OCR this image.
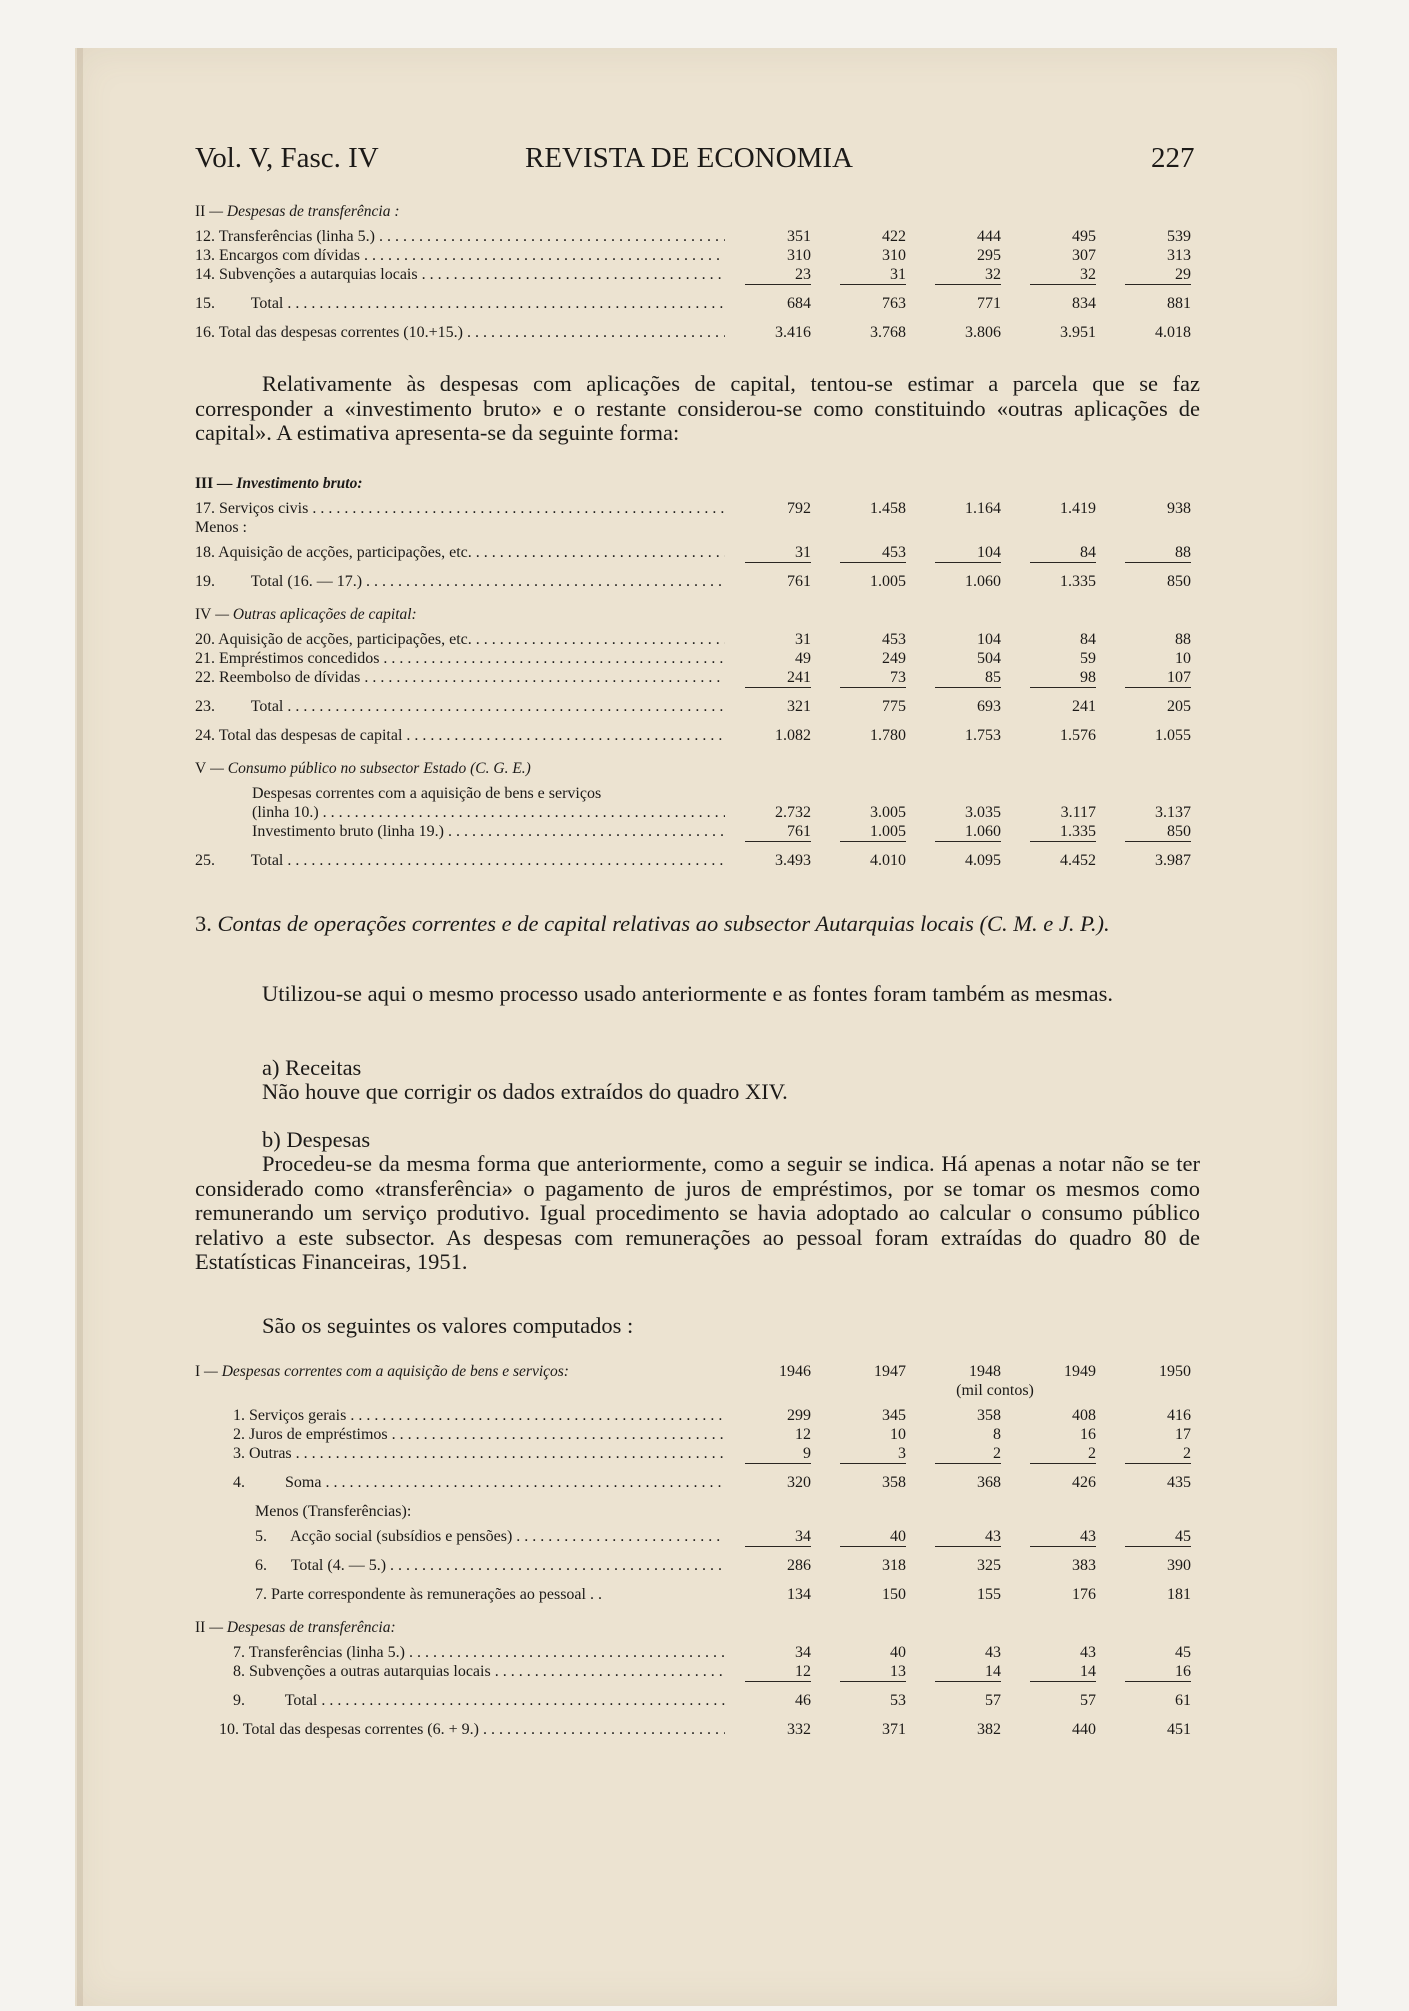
Vol. V, Fasc. IV	REVISTA DE ECONOMIA	227
II — Despesas de transferência :
12. Transferências (linha 5.) . . .	351	422	444	495	539
13. Encargos com dívidas . . .	310	310	295	307	313
14. Subvenções a autarquias locais . . .	23	31	32	32	29
15.         Total . . .	684	763	771	834	881
16. Total das despesas correntes (10.+15.) . . .	3.416	3.768	3.806	3.951	4.018
Relativamente às despesas com aplicações de capital, tentou-se estimar a parcela que se faz corresponder a «investimento bruto» e o restante considerou-se como constituindo «outras aplicações de capital». A estimativa apresenta-se da seguinte forma:
III — Investimento bruto:
17. Serviços civis . . .	792	1.458	1.164	1.419	938
Menos :
18. Aquisição de acções, participações, etc. . . .	31	453	104	84	88
19.         Total (16. — 17.) . . .	761	1.005	1.060	1.335	850
IV — Outras aplicações de capital:
20. Aquisição de acções, participações, etc. . . .	31	453	104	84	88
21. Empréstimos concedidos . . .	49	249	504	59	10
22. Reembolso de dívidas . . .	241	73	85	98	107
23.         Total . . .	321	775	693	241	205
24. Total das despesas de capital . . .	1.082	1.780	1.753	1.576	1.055
V — Consumo público no subsector Estado (C. G. E.)
Despesas correntes com a aquisição de bens e serviços
(linha 10.) . . .	2.732	3.005	3.035	3.117	3.137
Investimento bruto (linha 19.) . . .	761	1.005	1.060	1.335	850
25.         Total . . .	3.493	4.010	4.095	4.452	3.987
3. Contas de operações correntes e de capital relativas ao subsector Autarquias locais (C. M. e J. P.).
Utilizou-se aqui o mesmo processo usado anteriormente e as fontes foram também as mesmas.
a) Receitas
Não houve que corrigir os dados extraídos do quadro XIV.
b) Despesas
Procedeu-se da mesma forma que anteriormente, como a seguir se indica. Há apenas a notar não se ter considerado como «transferência» o pagamento de juros de empréstimos, por se tomar os mesmos como remunerando um serviço produtivo. Igual procedimento se havia adoptado ao calcular o consumo público relativo a este subsector. As despesas com remunerações ao pessoal foram extraídas do quadro 80 de Estatísticas Financeiras, 1951.
São os seguintes os valores computados :
I — Despesas correntes com a aquisição de bens e serviços:	1946	1947	1948	1949	1950
(mil contos)
1. Serviços gerais . . .	299	345	358	408	416
2. Juros de empréstimos . . .	12	10	8	16	17
3. Outras . . .	9	3	2	2	2
4.          Soma . . .	320	358	368	426	435
Menos (Transferências):
5.      Acção social (subsídios e pensões) . . .	34	40	43	43	45
6.      Total (4. — 5.) . . .	286	318	325	383	390
7. Parte correspondente às remunerações ao pessoal . .	134	150	155	176	181
II — Despesas de transferência:
7. Transferências (linha 5.) . . .	34	40	43	43	45
8. Subvenções a outras autarquias locais . . .	12	13	14	14	16
9.          Total . . .	46	53	57	57	61
10. Total das despesas correntes (6. + 9.) . . .	332	371	382	440	451
